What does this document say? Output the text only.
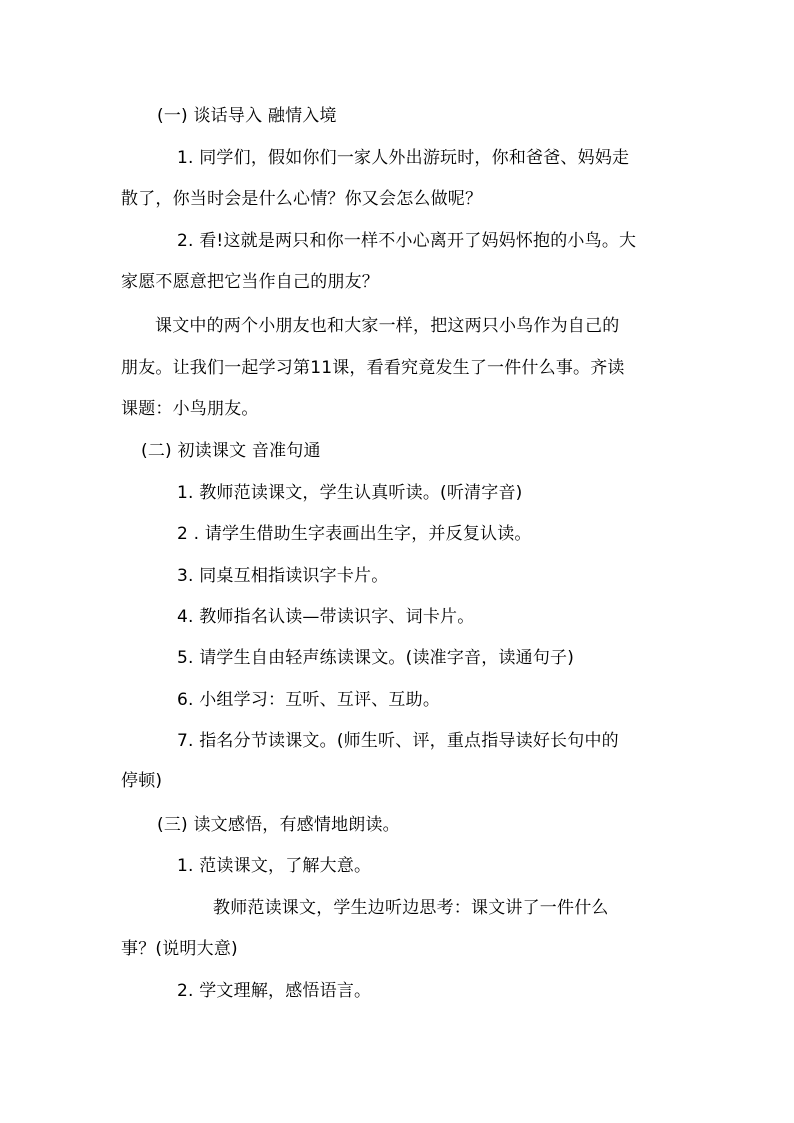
(一) 谈话导入 融情入境
1. 同学们，假如你们一家人外出游玩时，你和爸爸、妈妈走
散了，你当时会是什么心情？你又会怎么做呢？
2. 看!这就是两只和你一样不小心离开了妈妈怀抱的小鸟。大
家愿不愿意把它当作自己的朋友？
课文中的两个小朋友也和大家一样，把这两只小鸟作为自己的
朋友。让我们一起学习第11课，看看究竟发生了一件什么事。齐读
课题：小鸟朋友。
(二) 初读课文 音准句通
1. 教师范读课文，学生认真听读。(听清字音)
2 . 请学生借助生字表画出生字，并反复认读。
3. 同桌互相指读识字卡片。
4. 教师指名认读—带读识字、词卡片。
5. 请学生自由轻声练读课文。(读准字音，读通句子)
6. 小组学习：互听、互评、互助。
7. 指名分节读课文。(师生听、评，重点指导读好长句中的
停顿)
(三) 读文感悟，有感情地朗读。
1. 范读课文，了解大意。
教师范读课文，学生边听边思考：课文讲了一件什么
事？(说明大意)
2. 学文理解，感悟语言。
